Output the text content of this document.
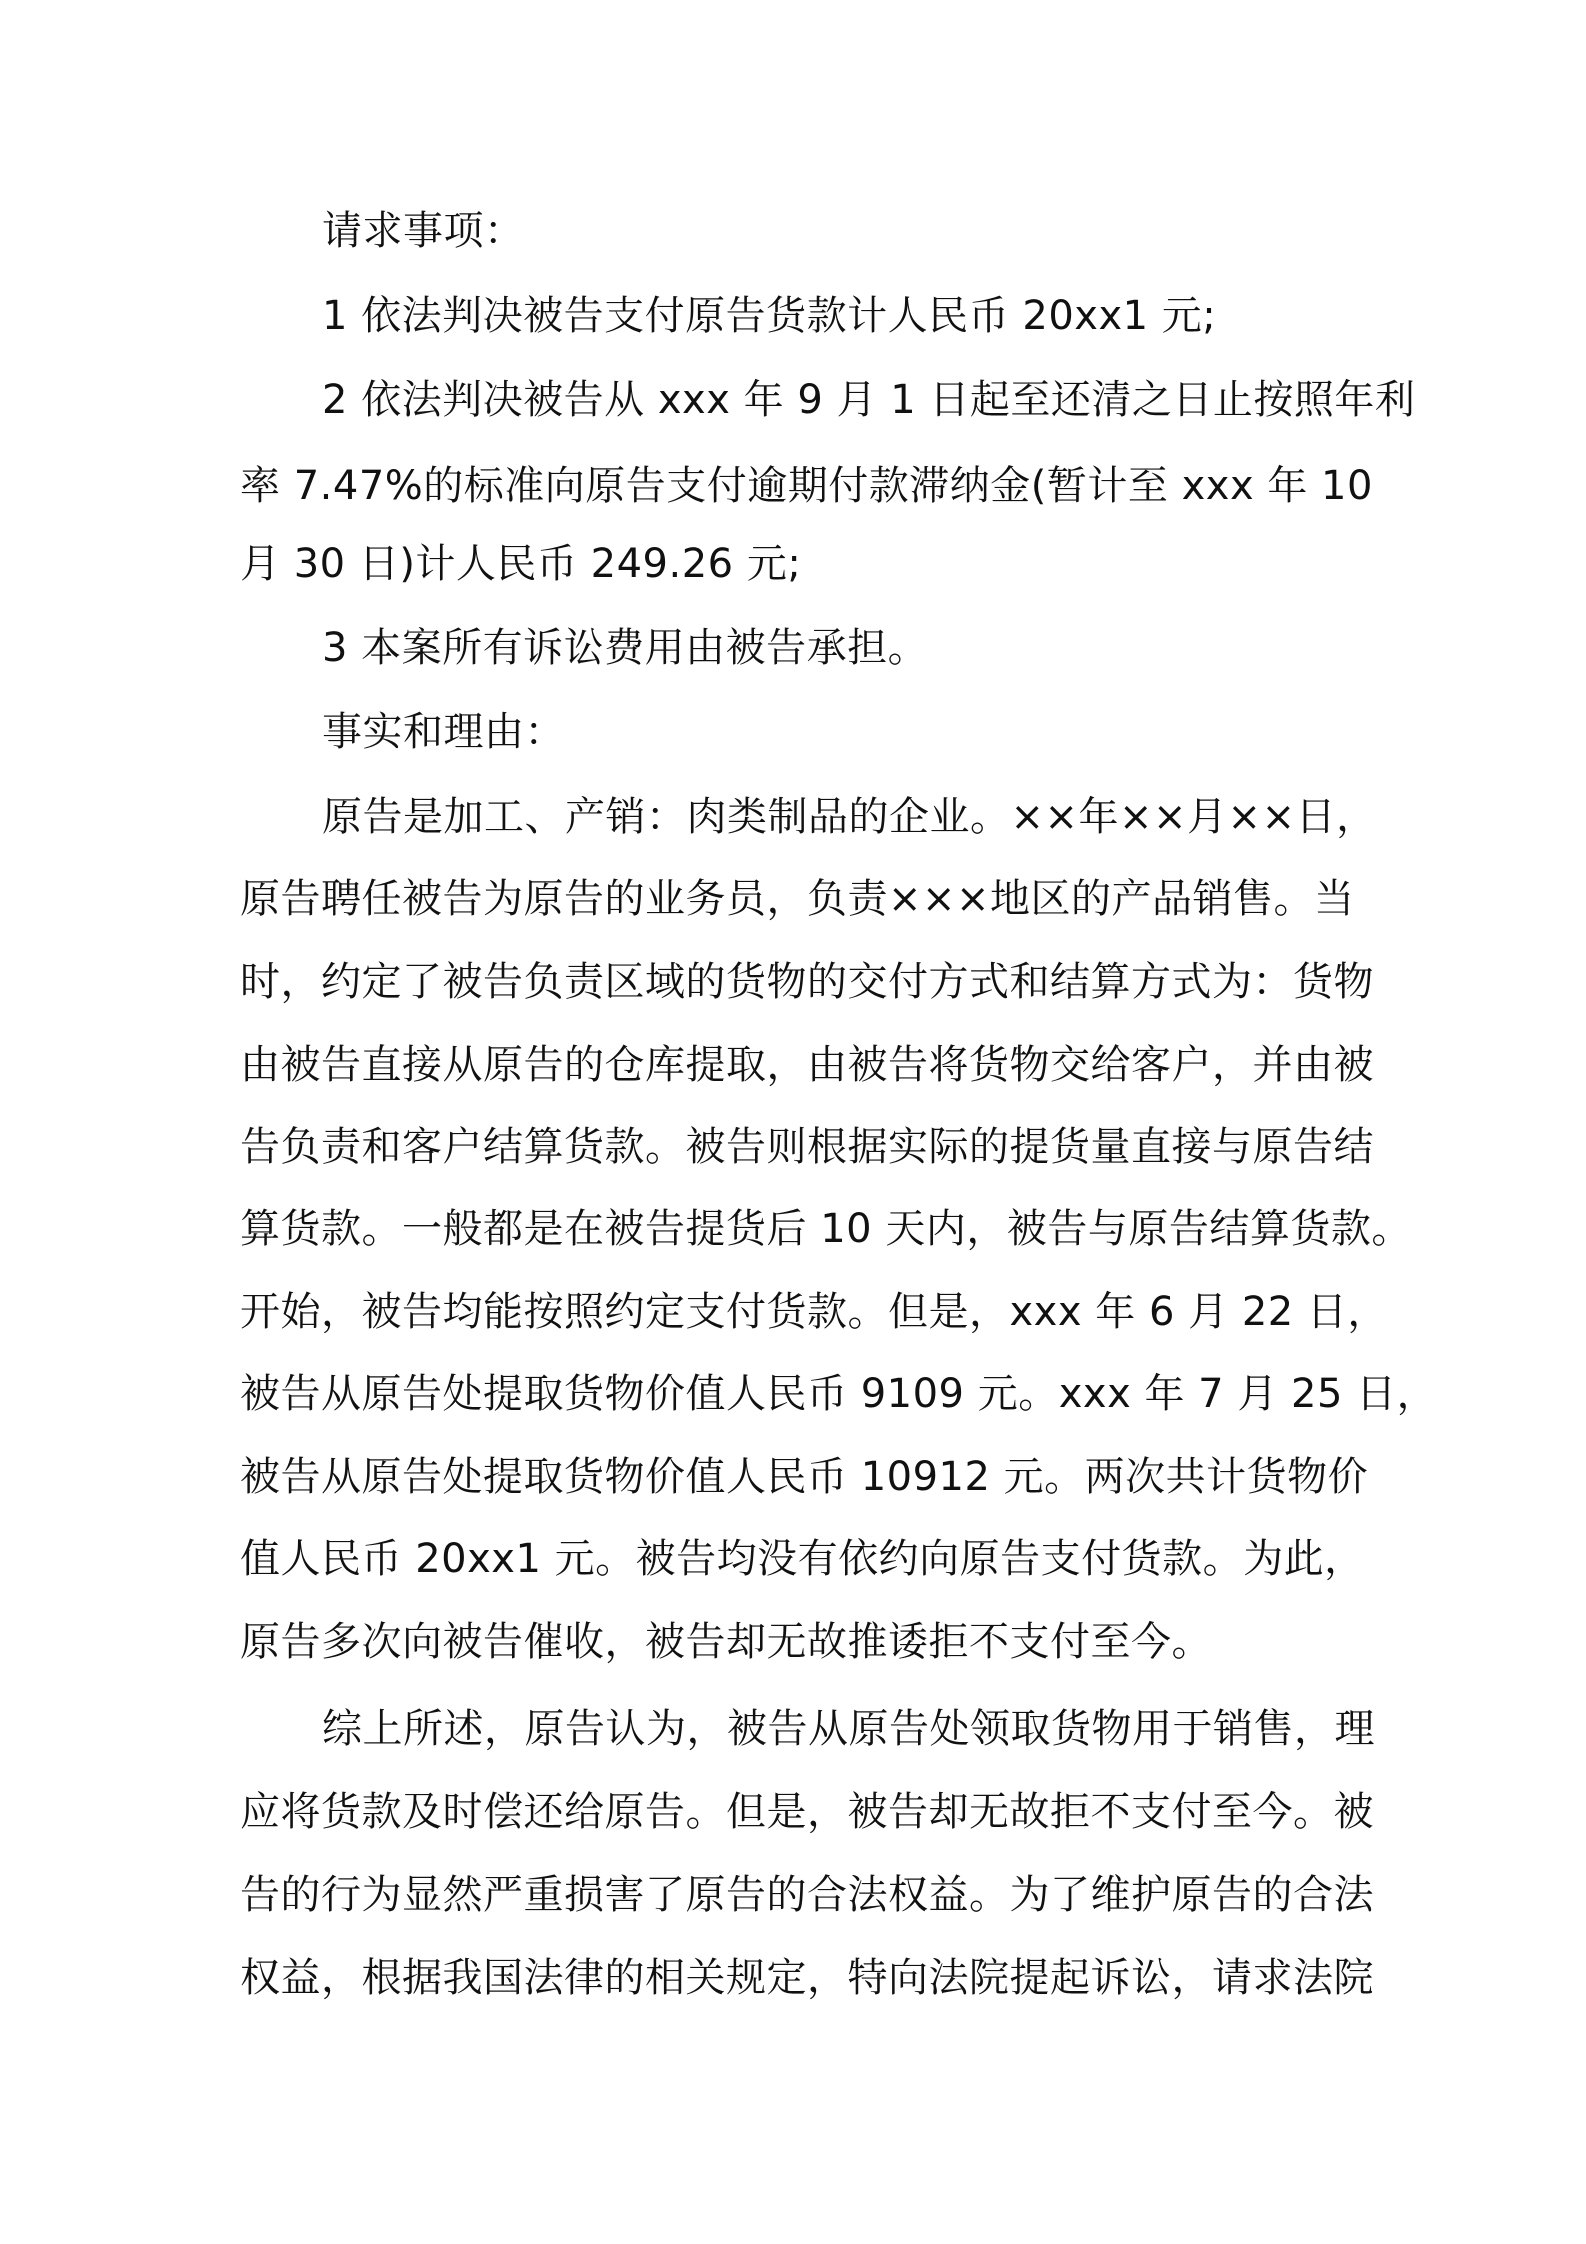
请求事项：
1 依法判决被告支付原告货款计人民币 20xx1 元;
2 依法判决被告从 xxx 年 9 月 1 日起至还清之日止按照年利
率 7.47%的标准向原告支付逾期付款滞纳金(暂计至 xxx 年 10
月 30 日)计人民币 249.26 元;
3 本案所有诉讼费用由被告承担。
事实和理由：
原告是加工、产销：肉类制品的企业。××年××月××日，
原告聘任被告为原告的业务员，负责×××地区的产品销售。当
时，约定了被告负责区域的货物的交付方式和结算方式为：货物
由被告直接从原告的仓库提取，由被告将货物交给客户，并由被
告负责和客户结算货款。被告则根据实际的提货量直接与原告结
算货款。一般都是在被告提货后 10 天内，被告与原告结算货款。
开始，被告均能按照约定支付货款。但是，xxx 年 6 月 22 日，
被告从原告处提取货物价值人民币 9109 元。xxx 年 7 月 25 日，
被告从原告处提取货物价值人民币 10912 元。两次共计货物价
值人民币 20xx1 元。被告均没有依约向原告支付货款。为此，
原告多次向被告催收，被告却无故推诿拒不支付至今。
综上所述，原告认为，被告从原告处领取货物用于销售，理
应将货款及时偿还给原告。但是，被告却无故拒不支付至今。被
告的行为显然严重损害了原告的合法权益。为了维护原告的合法
权益，根据我国法律的相关规定，特向法院提起诉讼，请求法院
